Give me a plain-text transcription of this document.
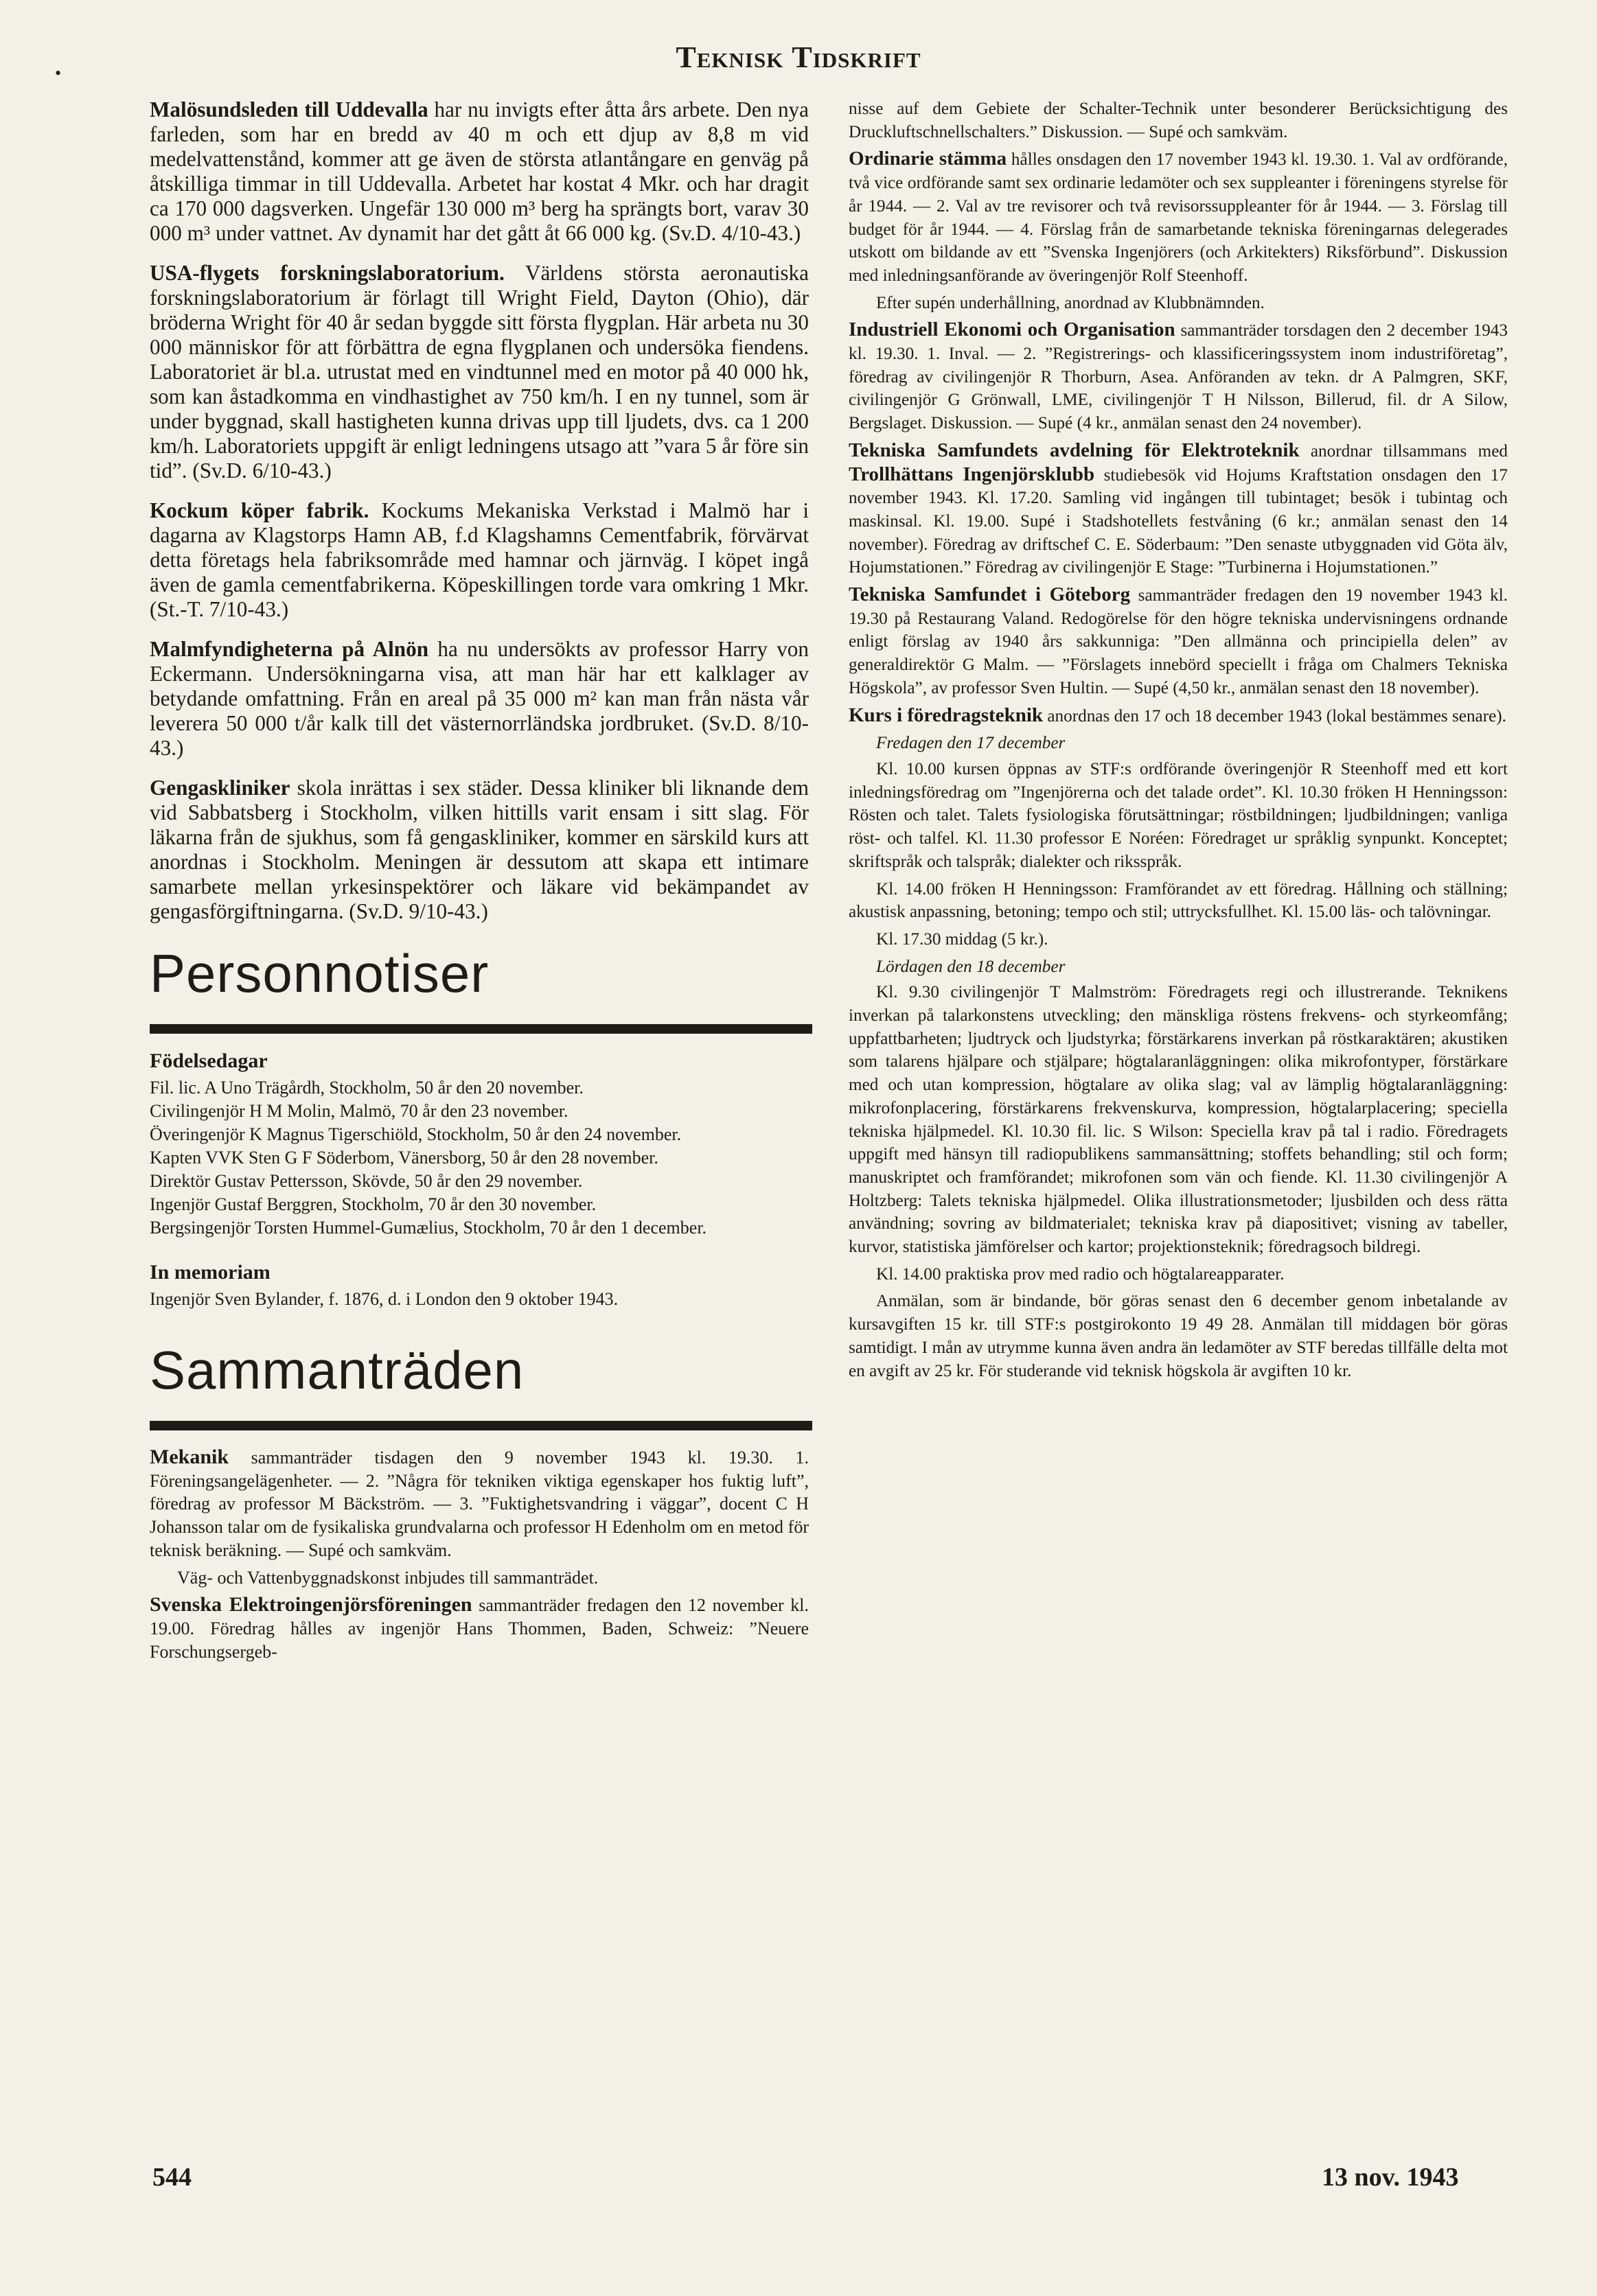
Teknisk Tidskrift
•

Malösundsleden till Uddevalla har nu invigts efter åtta års arbete. Den nya farleden, som har en bredd av 40 m och ett djup av 8,8 m vid medelvattenstånd, kommer att ge även de största atlantångare en genväg på åtskilliga timmar in till Uddevalla. Arbetet har kostat 4 Mkr. och har dragit ca 170 000 dagsverken. Ungefär 130 000 m³ berg ha sprängts bort, varav 30 000 m³ under vattnet. Av dynamit har det gått åt 66 000 kg. (Sv.D. 4/10-43.)

USA-flygets forskningslaboratorium. Världens största aeronautiska forskningslaboratorium är förlagt till Wright Field, Dayton (Ohio), där bröderna Wright för 40 år sedan byggde sitt första flygplan. Här arbeta nu 30 000 människor för att förbättra de egna flygplanen och undersöka fiendens. Laboratoriet är bl.a. utrustat med en vindtunnel med en motor på 40 000 hk, som kan åstadkomma en vindhastighet av 750 km/h. I en ny tunnel, som är under byggnad, skall hastigheten kunna drivas upp till ljudets, dvs. ca 1 200 km/h. Laboratoriets uppgift är enligt ledningens utsago att ”vara 5 år före sin tid”. (Sv.D. 6/10-43.)

Kockum köper fabrik. Kockums Mekaniska Verkstad i Malmö har i dagarna av Klagstorps Hamn AB, f.d Klagshamns Cementfabrik, förvärvat detta företags hela fabriksområde med hamnar och järnväg. I köpet ingå även de gamla cementfabrikerna. Köpeskillingen torde vara omkring 1 Mkr. (St.-T. 7/10-43.)

Malmfyndigheterna på Alnön ha nu undersökts av professor Harry von Eckermann. Undersökningarna visa, att man här har ett kalklager av betydande omfattning. Från en areal på 35 000 m² kan man från nästa vår leverera 50 000 t/år kalk till det västernorrländska jordbruket. (Sv.D. 8/10-43.)

Gengaskliniker skola inrättas i sex städer. Dessa kliniker bli liknande dem vid Sabbatsberg i Stockholm, vilken hittills varit ensam i sitt slag. För läkarna från de sjukhus, som få gengaskliniker, kommer en särskild kurs att anordnas i Stockholm. Meningen är dessutom att skapa ett intimare samarbete mellan yrkesinspektörer och läkare vid bekämpandet av gengasförgiftningarna. (Sv.D. 9/10-43.)

Personnotiser

Födelsedagar

Fil. lic. A Uno Trägårdh, Stockholm, 50 år den 20 november.

Civilingenjör H M Molin, Malmö, 70 år den 23 november.

Överingenjör K Magnus Tigerschiöld, Stockholm, 50 år den 24 november.

Kapten VVK Sten G F Söderbom, Vänersborg, 50 år den 28 november.

Direktör Gustav Pettersson, Skövde, 50 år den 29 november.

Ingenjör Gustaf Berggren, Stockholm, 70 år den 30 november.

Bergsingenjör Torsten Hummel-Gumælius, Stockholm, 70 år den 1 december.

In memoriam

Ingenjör Sven Bylander, f. 1876, d. i London den 9 oktober 1943.

Sammanträden

Mekanik sammanträder tisdagen den 9 november 1943 kl. 19.30. 1. Föreningsangelägenheter. — 2. ”Några för tekniken viktiga egenskaper hos fuktig luft”, föredrag av professor M Bäckström. — 3. ”Fuktighetsvandring i väggar”, docent C H Johansson talar om de fysikaliska grundvalarna och professor H Edenholm om en metod för teknisk beräkning. — Supé och samkväm.

Väg- och Vattenbyggnadskonst inbjudes till sammanträdet.

Svenska Elektroingenjörsföreningen sammanträder fredagen den 12 november kl. 19.00. Föredrag hålles av ingenjör Hans Thommen, Baden, Schweiz: ”Neuere Forschungsergeb-

nisse auf dem Gebiete der Schalter-Technik unter besonderer Berücksichtigung des Druckluftschnellschalters.” Diskussion. — Supé och samkväm.

Ordinarie stämma hålles onsdagen den 17 november 1943 kl. 19.30. 1. Val av ordförande, två vice ordförande samt sex ordinarie ledamöter och sex suppleanter i föreningens styrelse för år 1944. — 2. Val av tre revisorer och två revisorssuppleanter för år 1944. — 3. Förslag till budget för år 1944. — 4. Förslag från de samarbetande tekniska föreningarnas delegerades utskott om bildande av ett ”Svenska Ingenjörers (och Arkitekters) Riksförbund”. Diskussion med inledningsanförande av överingenjör Rolf Steenhoff.

Efter supén underhållning, anordnad av Klubbnämnden.

Industriell Ekonomi och Organisation sammanträder torsdagen den 2 december 1943 kl. 19.30. 1. Inval. — 2. ”Registrerings- och klassificeringssystem inom industriföretag”, föredrag av civilingenjör R Thorburn, Asea. Anföranden av tekn. dr A Palmgren, SKF, civilingenjör G Grönwall, LME, civilingenjör T H Nilsson, Billerud, fil. dr A Silow, Bergslaget. Diskussion. — Supé (4 kr., anmälan senast den 24 november).

Tekniska Samfundets avdelning för Elektroteknik anordnar tillsammans med Trollhättans Ingenjörsklubb studiebesök vid Hojums Kraftstation onsdagen den 17 november 1943. Kl. 17.20. Samling vid ingången till tubintaget; besök i tubintag och maskinsal. Kl. 19.00. Supé i Stadshotellets festvåning (6 kr.; anmälan senast den 14 november). Föredrag av driftschef C. E. Söderbaum: ”Den senaste utbyggnaden vid Göta älv, Hojumstationen.” Föredrag av civilingenjör E Stage: ”Turbinerna i Hojumstationen.”

Tekniska Samfundet i Göteborg sammanträder fredagen den 19 november 1943 kl. 19.30 på Restaurang Valand. Redogörelse för den högre tekniska undervisningens ordnande enligt förslag av 1940 års sakkunniga: ”Den allmänna och principiella delen” av generaldirektör G Malm. — ”Förslagets innebörd speciellt i fråga om Chalmers Tekniska Högskola”, av professor Sven Hultin. — Supé (4,50 kr., anmälan senast den 18 november).

Kurs i föredragsteknik anordnas den 17 och 18 december 1943 (lokal bestämmes senare).

Fredagen den 17 december

Kl. 10.00 kursen öppnas av STF:s ordförande överingenjör R Steenhoff med ett kort inledningsföredrag om ”Ingenjörerna och det talade ordet”. Kl. 10.30 fröken H Henningsson: Rösten och talet. Talets fysiologiska förutsättningar; röstbildningen; ljudbildningen; vanliga röst- och talfel. Kl. 11.30 professor E Noréen: Föredraget ur språklig synpunkt. Konceptet; skriftspråk och talspråk; dialekter och riksspråk.

Kl. 14.00 fröken H Henningsson: Framförandet av ett föredrag. Hållning och ställning; akustisk anpassning, betoning; tempo och stil; uttrycksfullhet. Kl. 15.00 läs- och talövningar.

Kl. 17.30 middag (5 kr.).

Lördagen den 18 december

Kl. 9.30 civilingenjör T Malmström: Föredragets regi och illustrerande. Teknikens inverkan på talarkonstens utveckling; den mänskliga röstens frekvens- och styrkeomfång; uppfattbarheten; ljudtryck och ljudstyrka; förstärkarens inverkan på röstkaraktären; akustiken som talarens hjälpare och stjälpare; högtalaranläggningen: olika mikrofontyper, förstärkare med och utan kompression, högtalare av olika slag; val av lämplig högtalaranläggning: mikrofonplacering, förstärkarens frekvenskurva, kompression, högtalarplacering; speciella tekniska hjälpmedel. Kl. 10.30 fil. lic. S Wilson: Speciella krav på tal i radio. Föredragets uppgift med hänsyn till radiopublikens sammansättning; stoffets behandling; stil och form; manuskriptet och framförandet; mikrofonen som vän och fiende. Kl. 11.30 civilingenjör A Holtzberg: Talets tekniska hjälpmedel. Olika illustrationsmetoder; ljusbilden och dess rätta användning; sovring av bildmaterialet; tekniska krav på diapositivet; visning av tabeller, kurvor, statistiska jämförelser och kartor; projektionsteknik; föredragsoch bildregi.

Kl. 14.00 praktiska prov med radio och högtalareapparater.

Anmälan, som är bindande, bör göras senast den 6 december genom inbetalande av kursavgiften 15 kr. till STF:s postgirokonto 19 49 28. Anmälan till middagen bör göras samtidigt. I mån av utrymme kunna även andra än ledamöter av STF beredas tillfälle delta mot en avgift av 25 kr. För studerande vid teknisk högskola är avgiften 10 kr.

544	13 nov. 1943
